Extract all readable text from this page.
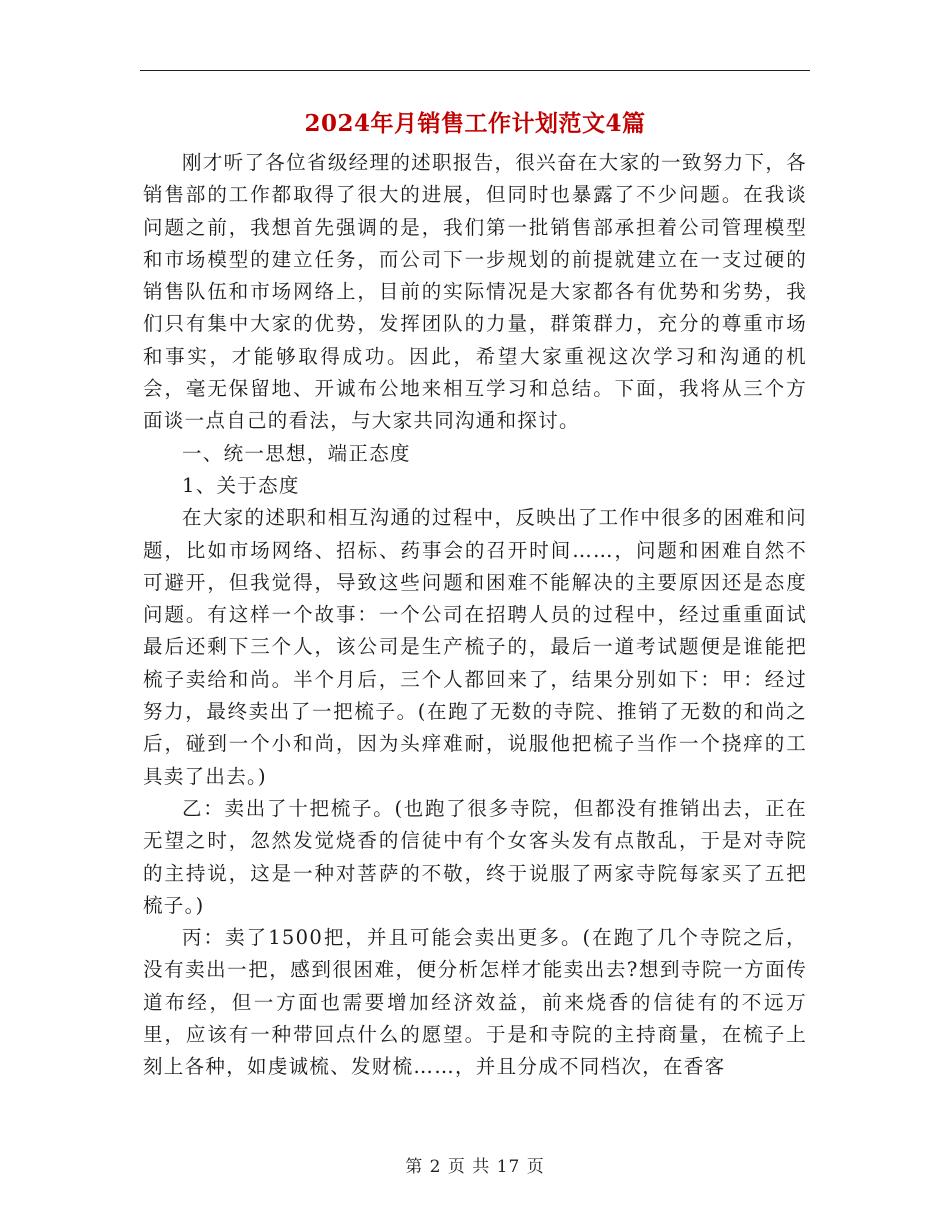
2024年月销售工作计划范文4篇

刚才听了各位省级经理的述职报告，很兴奋在大家的一致努力下，各销售部的工作都取得了很大的进展，但同时也暴露了不少问题。在我谈问题之前，我想首先强调的是，我们第一批销售部承担着公司管理模型和市场模型的建立任务，而公司下一步规划的前提就建立在一支过硬的销售队伍和市场网络上，目前的实际情况是大家都各有优势和劣势，我们只有集中大家的优势，发挥团队的力量，群策群力，充分的尊重市场和事实，才能够取得成功。因此，希望大家重视这次学习和沟通的机会，毫无保留地、开诚布公地来相互学习和总结。下面，我将从三个方面谈一点自己的看法，与大家共同沟通和探讨。

一、统一思想，端正态度

1、关于态度

在大家的述职和相互沟通的过程中，反映出了工作中很多的困难和问题，比如市场网络、招标、药事会的召开时间……，问题和困难自然不可避开，但我觉得，导致这些问题和困难不能解决的主要原因还是态度问题。有这样一个故事：一个公司在招聘人员的过程中，经过重重面试最后还剩下三个人，该公司是生产梳子的，最后一道考试题便是谁能把梳子卖给和尚。半个月后，三个人都回来了，结果分别如下：甲：经过努力，最终卖出了一把梳子。(在跑了无数的寺院、推销了无数的和尚之后，碰到一个小和尚，因为头痒难耐，说服他把梳子当作一个挠痒的工具卖了出去。)

乙：卖出了十把梳子。(也跑了很多寺院，但都没有推销出去，正在无望之时，忽然发觉烧香的信徒中有个女客头发有点散乱，于是对寺院的主持说，这是一种对菩萨的不敬，终于说服了两家寺院每家买了五把梳子。)

丙：卖了1500把，并且可能会卖出更多。(在跑了几个寺院之后，没有卖出一把，感到很困难，便分析怎样才能卖出去?想到寺院一方面传道布经，但一方面也需要增加经济效益，前来烧香的信徒有的不远万里，应该有一种带回点什么的愿望。于是和寺院的主持商量，在梳子上刻上各种，如虔诚梳、发财梳……，并且分成不同档次，在香客

第 2 页 共 17 页
